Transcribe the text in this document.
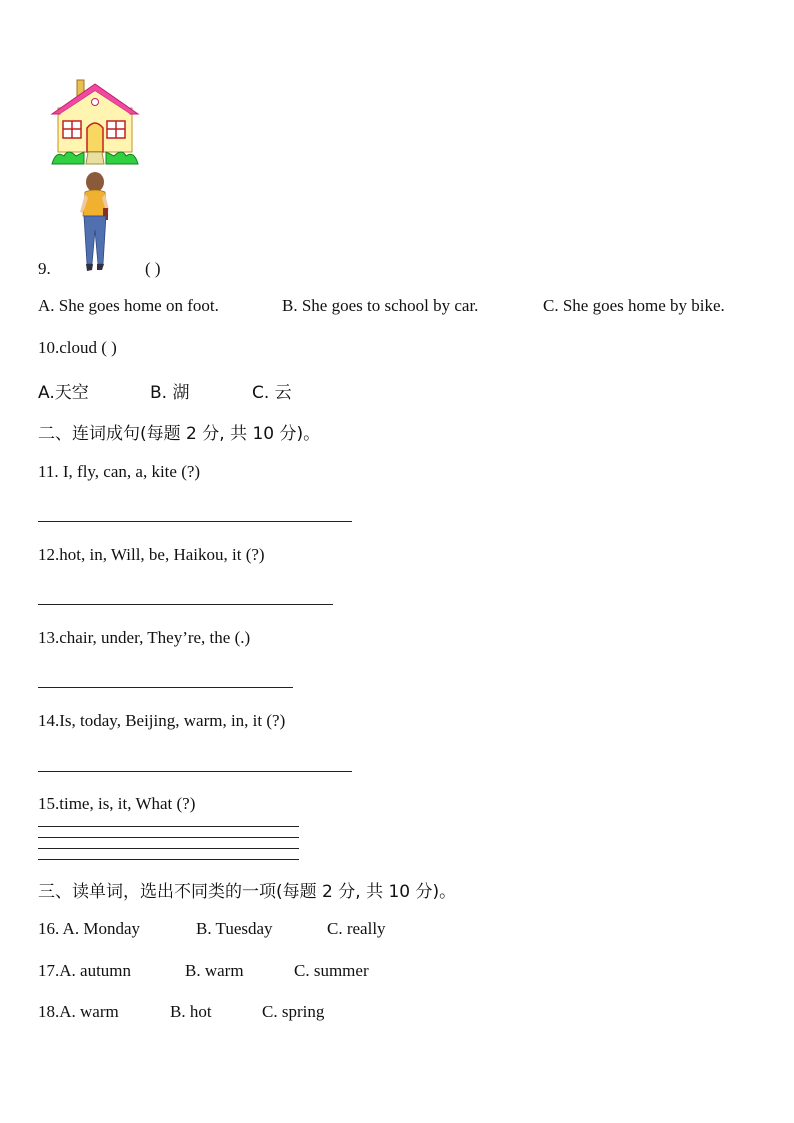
9.	( )
A. She goes home on foot.	B. She goes to school by car.	C. She goes home by bike.
10.cloud ( )
A.天空	B. 湖	C. 云
二、连词成句(每题 2 分, 共 10 分)。
11. I, fly, can, a, kite (?)
12.hot, in, Will, be, Haikou, it (?)
13.chair, under, They’re, the (.)
14.Is, today, Beijing, warm, in, it (?)
15.time, is, it, What (?)
三、读单词，选出不同类的一项(每题 2 分, 共 10 分)。
16. A. Monday	B. Tuesday	C. really
17.A. autumn	B. warm	C. summer
18.A. warm	B. hot	C. spring
